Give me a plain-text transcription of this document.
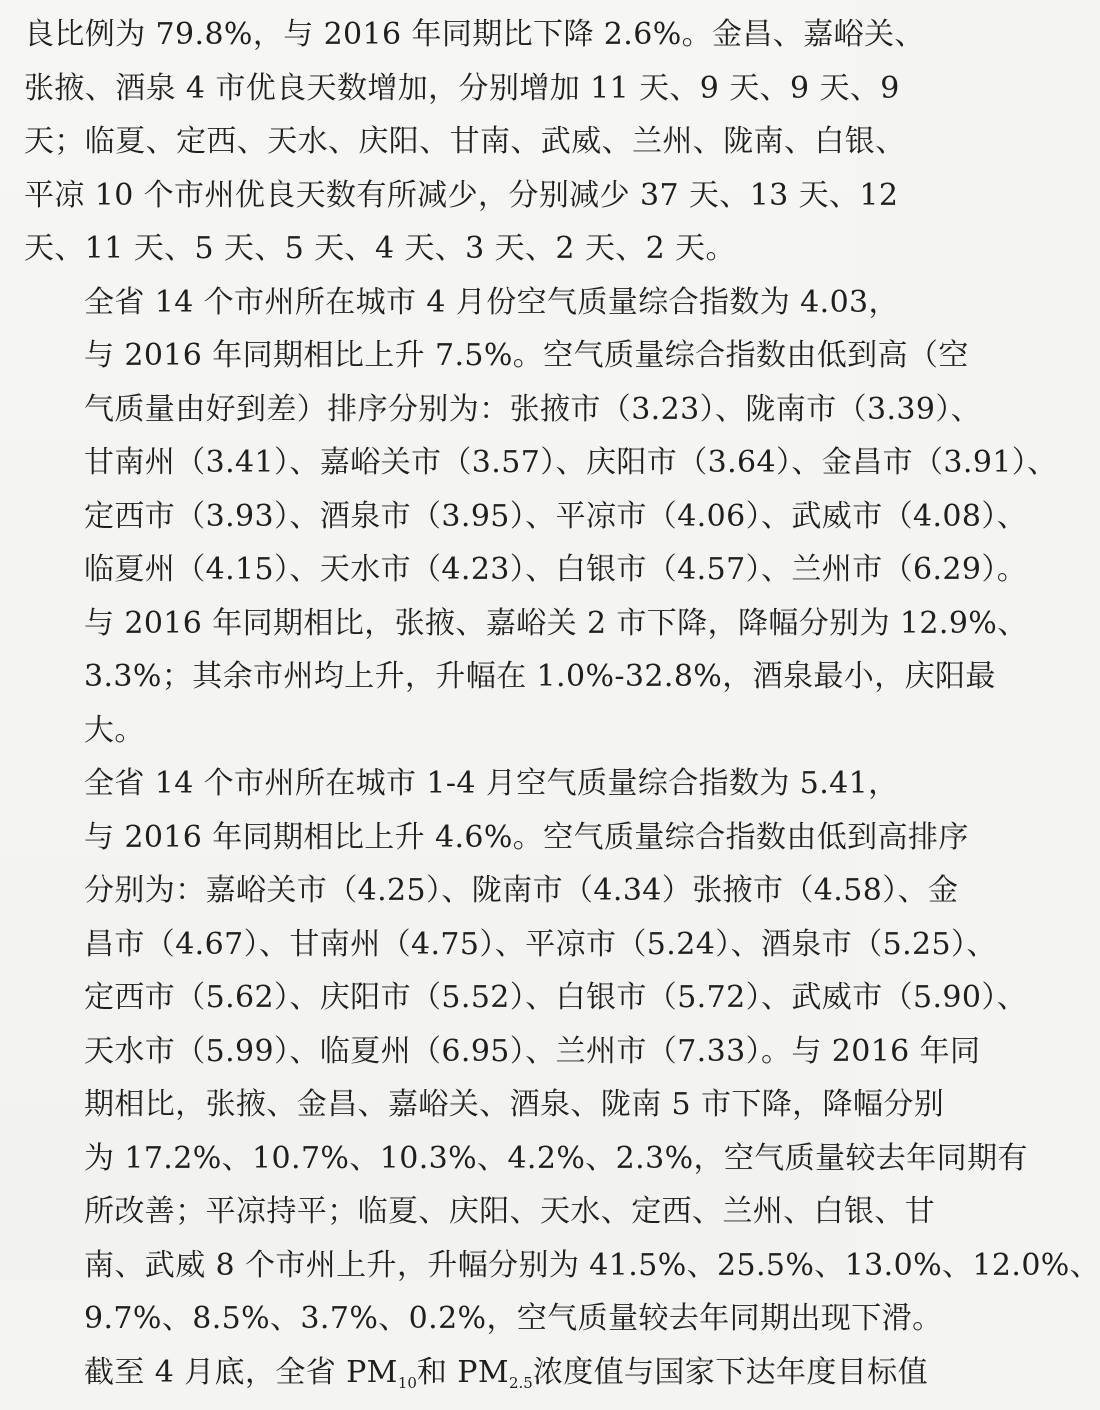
良比例为 79.8%，与 2016 年同期比下降 2.6%。金昌、嘉峪关、
张掖、酒泉 4 市优良天数增加，分别增加 11 天、9 天、9 天、9
天；临夏、定西、天水、庆阳、甘南、武威、兰州、陇南、白银、
平凉 10 个市州优良天数有所减少，分别减少 37 天、13 天、12
天、11 天、5 天、5 天、4 天、3 天、2 天、2 天。

全省 14 个市州所在城市 4 月份空气质量综合指数为 4.03，
与 2016 年同期相比上升 7.5%。空气质量综合指数由低到高（空
气质量由好到差）排序分别为：张掖市（3.23）、陇南市（3.39）、
甘南州（3.41）、嘉峪关市（3.57）、庆阳市（3.64）、金昌市（3.91）、
定西市（3.93）、酒泉市（3.95）、平凉市（4.06）、武威市（4.08）、
临夏州（4.15）、天水市（4.23）、白银市（4.57）、兰州市（6.29）。
与 2016 年同期相比，张掖、嘉峪关 2 市下降，降幅分别为 12.9%、
3.3%；其余市州均上升，升幅在 1.0%-32.8%，酒泉最小，庆阳最
大。

全省 14 个市州所在城市 1-4 月空气质量综合指数为 5.41，
与 2016 年同期相比上升 4.6%。空气质量综合指数由低到高排序
分别为：嘉峪关市（4.25）、陇南市（4.34）张掖市（4.58）、金
昌市（4.67）、甘南州（4.75）、平凉市（5.24）、酒泉市（5.25）、
定西市（5.62）、庆阳市（5.52）、白银市（5.72）、武威市（5.90）、
天水市（5.99）、临夏州（6.95）、兰州市（7.33）。与 2016 年同
期相比，张掖、金昌、嘉峪关、酒泉、陇南 5 市下降，降幅分别
为 17.2%、10.7%、10.3%、4.2%、2.3%，空气质量较去年同期有
所改善；平凉持平；临夏、庆阳、天水、定西、兰州、白银、甘
南、武威 8 个市州上升，升幅分别为 41.5%、25.5%、13.0%、12.0%、
9.7%、8.5%、3.7%、0.2%，空气质量较去年同期出现下滑。

截至 4 月底，全省 $PM_{10}$和 $PM_{2.5}$浓度值与国家下达年度目标值
